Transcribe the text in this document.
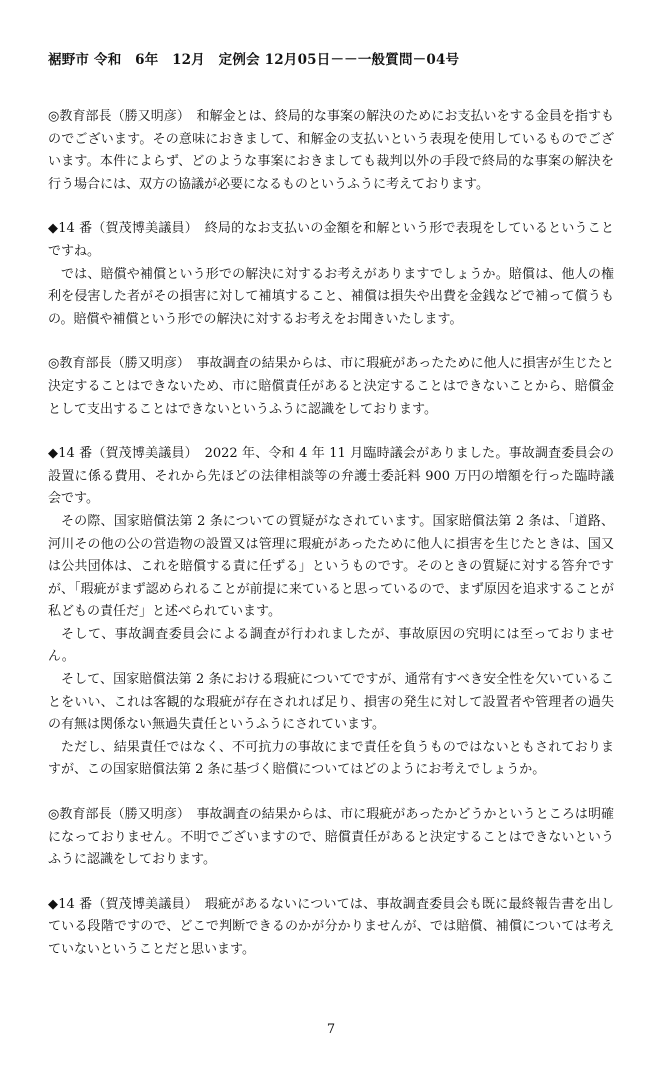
裾野市 令和　6年　12月　定例会 12月05日－－一般質問－04号

◎教育部長（勝又明彦）　和解金とは、終局的な事案の解決のためにお支払いをする金員を指すものでございます。その意味におきまして、和解金の支払いという表現を使用しているものでございます。本件によらず、どのような事案におきましても裁判以外の手段で終局的な事案の解決を行う場合には、双方の協議が必要になるものというふうに考えております。

◆14 番（賀茂博美議員）　終局的なお支払いの金額を和解という形で表現をしているということですね。

では、賠償や補償という形での解決に対するお考えがありますでしょうか。賠償は、他人の権利を侵害した者がその損害に対して補填すること、補償は損失や出費を金銭などで補って償うもの。賠償や補償という形での解決に対するお考えをお聞きいたします。

◎教育部長（勝又明彦）　事故調査の結果からは、市に瑕疵があったために他人に損害が生じたと決定することはできないため、市に賠償責任があると決定することはできないことから、賠償金として支出することはできないというふうに認識をしております。

◆14 番（賀茂博美議員）　2022 年、令和 4 年 11 月臨時議会がありました。事故調査委員会の設置に係る費用、それから先ほどの法律相談等の弁護士委託料 900 万円の増額を行った臨時議会です。

その際、国家賠償法第 2 条についての質疑がなされています。国家賠償法第 2 条は、「道路、河川その他の公の営造物の設置又は管理に瑕疵があったために他人に損害を生じたときは、国又は公共団体は、これを賠償する責に任ずる」というものです。そのときの質疑に対する答弁ですが、「瑕疵がまず認められることが前提に来ていると思っているので、まず原因を追求することが私どもの責任だ」と述べられています。

そして、事故調査委員会による調査が行われましたが、事故原因の究明には至っておりません。

そして、国家賠償法第 2 条における瑕疵についてですが、通常有すべき安全性を欠いていることをいい、これは客観的な瑕疵が存在されれば足り、損害の発生に対して設置者や管理者の過失の有無は関係ない無過失責任というふうにされています。

ただし、結果責任ではなく、不可抗力の事故にまで責任を負うものではないともされておりますが、この国家賠償法第 2 条に基づく賠償についてはどのようにお考えでしょうか。

◎教育部長（勝又明彦）　事故調査の結果からは、市に瑕疵があったかどうかというところは明確になっておりません。不明でございますので、賠償責任があると決定することはできないというふうに認識をしております。

◆14 番（賀茂博美議員）　瑕疵があるないについては、事故調査委員会も既に最終報告書を出している段階ですので、どこで判断できるのかが分かりませんが、では賠償、補償については考えていないということだと思います。

7
